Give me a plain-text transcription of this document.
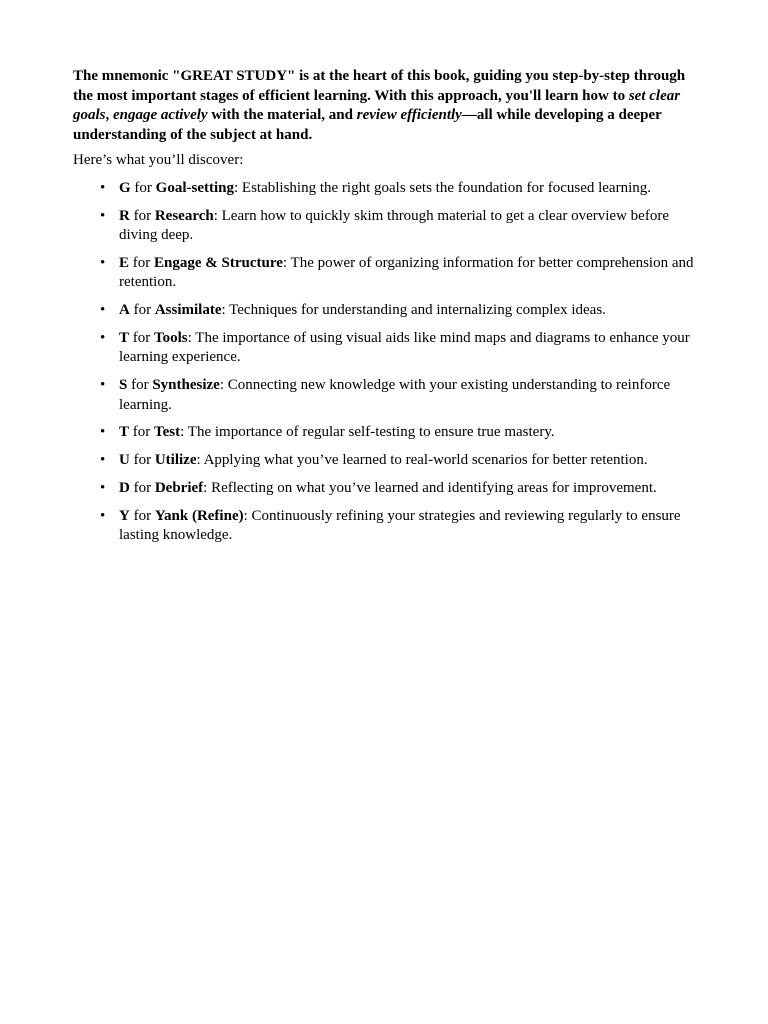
The mnemonic "GREAT STUDY" is at the heart of this book, guiding you step-by-step through the most important stages of efficient learning. With this approach, you'll learn how to set clear goals, engage actively with the material, and review efficiently—all while developing a deeper understanding of the subject at hand.

Here’s what you’ll discover:

• G for Goal-setting: Establishing the right goals sets the foundation for focused learning.
• R for Research: Learn how to quickly skim through material to get a clear overview before diving deep.
• E for Engage & Structure: The power of organizing information for better comprehension and retention.
• A for Assimilate: Techniques for understanding and internalizing complex ideas.
• T for Tools: The importance of using visual aids like mind maps and diagrams to enhance your learning experience.
• S for Synthesize: Connecting new knowledge with your existing understanding to reinforce learning.
• T for Test: The importance of regular self-testing to ensure true mastery.
• U for Utilize: Applying what you’ve learned to real-world scenarios for better retention.
• D for Debrief: Reflecting on what you’ve learned and identifying areas for improvement.
• Y for Yank (Refine): Continuously refining your strategies and reviewing regularly to ensure lasting knowledge.
